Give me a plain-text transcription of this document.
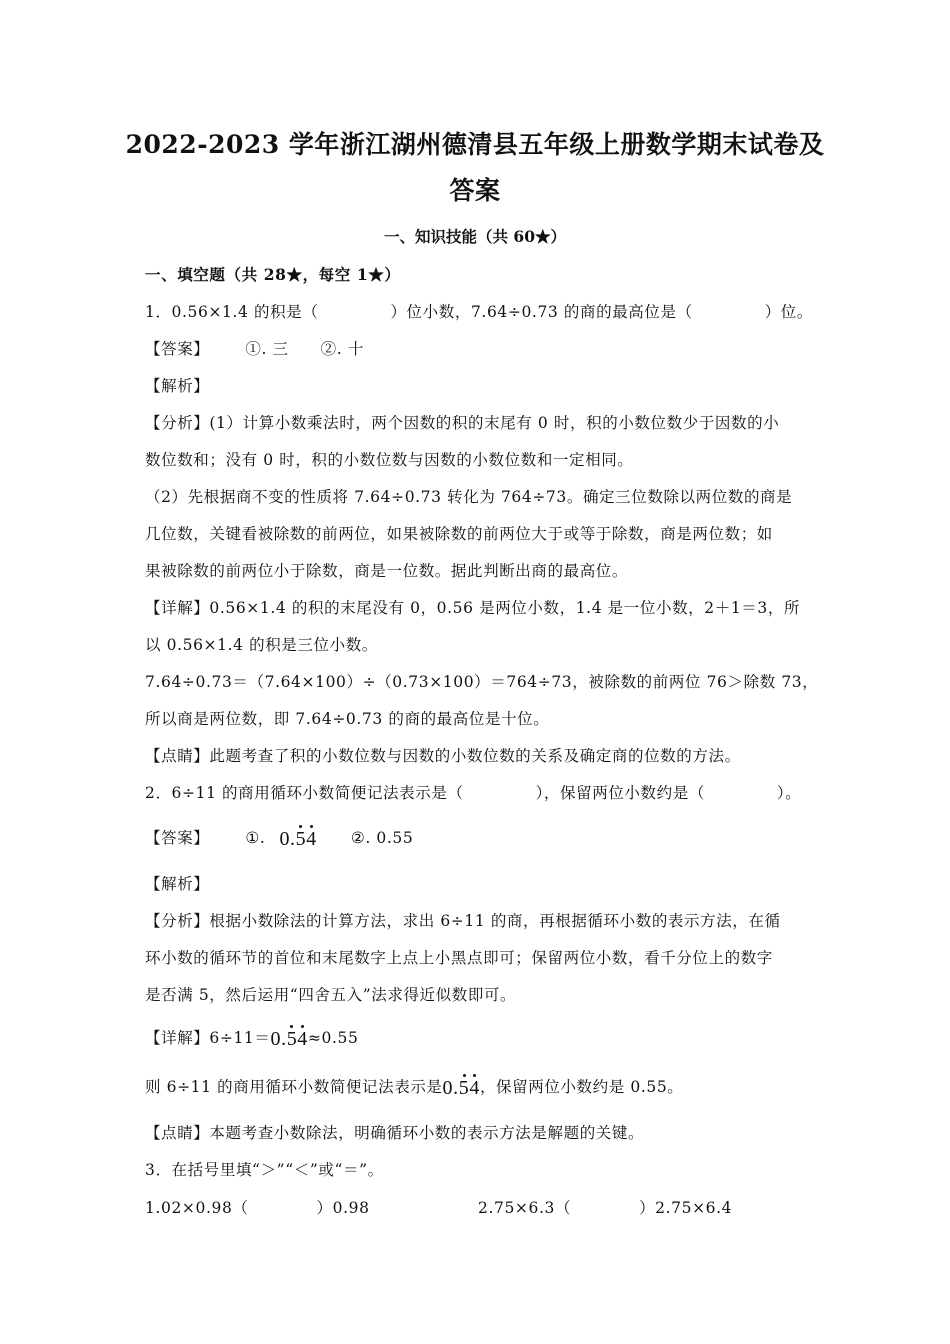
2022-2023 学年浙江湖州德清县五年级上册数学期末试卷及
答案
一、知识技能（共 60★）
一、填空题（共 28★，每空 1★）
1．0.56×1.4 的积是（	）位小数，7.64÷0.73 的商的最高位是（	）位。
【答案】 ①. 三 ②. 十
【解析】
【分析】(1）计算小数乘法时，两个因数的积的末尾有 0 时，积的小数位数少于因数的小
数位数和；没有 0 时，积的小数位数与因数的小数位数和一定相同。
（2）先根据商不变的性质将 7.64÷0.73 转化为 764÷73。确定三位数除以两位数的商是
几位数，关键看被除数的前两位，如果被除数的前两位大于或等于除数，商是两位数；如
果被除数的前两位小于除数，商是一位数。据此判断出商的最高位。
【详解】0.56×1.4 的积的末尾没有 0，0.56 是两位小数，1.4 是一位小数，2＋1＝3，所
以 0.56×1.4 的积是三位小数。
7.64÷0.73＝（7.64×100）÷（0.73×100）＝764÷73，被除数的前两位 76＞除数 73，
所以商是两位数，即 7.64÷0.73 的商的最高位是十位。
【点睛】此题考查了积的小数位数与因数的小数位数的关系及确定商的位数的方法。
2．6÷11 的商用循环小数简便记法表示是（	），保留两位小数约是（	）。
【答案】 ①. 0.54 ②. 0.55
【解析】
【分析】根据小数除法的计算方法，求出 6÷11 的商，再根据循环小数的表示方法，在循
环小数的循环节的首位和末尾数字上点上小黑点即可；保留两位小数，看千分位上的数字
是否满 5，然后运用“四舍五入”法求得近似数即可。
【详解】6÷11＝0.54≈0.55
则 6÷11 的商用循环小数简便记法表示是0.54，保留两位小数约是 0.55。
【点睛】本题考查小数除法，明确循环小数的表示方法是解题的关键。
3．在括号里填“＞”“＜”或“＝”。
1.02×0.98（	）0.98	2.75×6.3（	）2.75×6.4
